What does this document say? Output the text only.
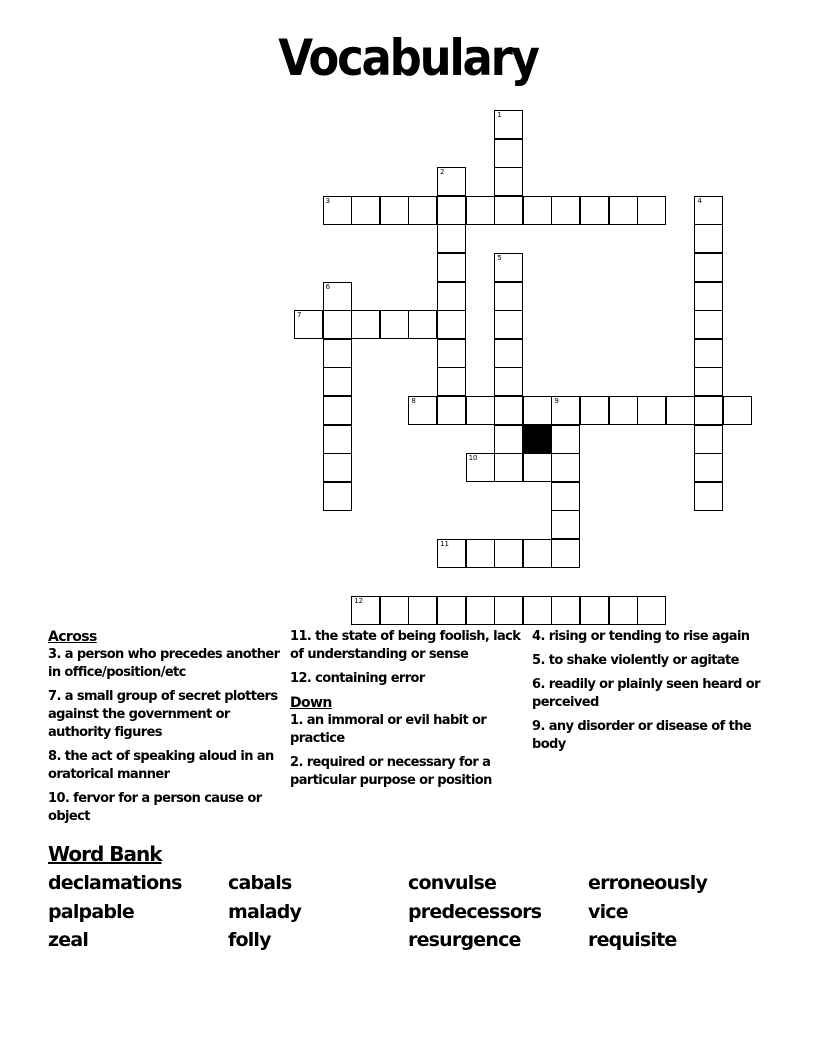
Vocabulary
1
2
3	4
5
6
7
8	9
10
11
12
Across
3. a person who precedes another in office/position/etc
7. a small group of secret plotters against the government or authority figures
8. the act of speaking aloud in an oratorical manner
10. fervor for a person cause or object
11. the state of being foolish, lack of understanding or sense
12. containing error
Down
1. an immoral or evil habit or practice
2. required or necessary for a particular purpose or position
4. rising or tending to rise again
5. to shake violently or agitate
6. readily or plainly seen heard or perceived
9. any disorder or disease of the body
Word Bank
declamations	cabals	convulse	erroneously
palpable	malady	predecessors	vice
zeal	folly	resurgence	requisite
